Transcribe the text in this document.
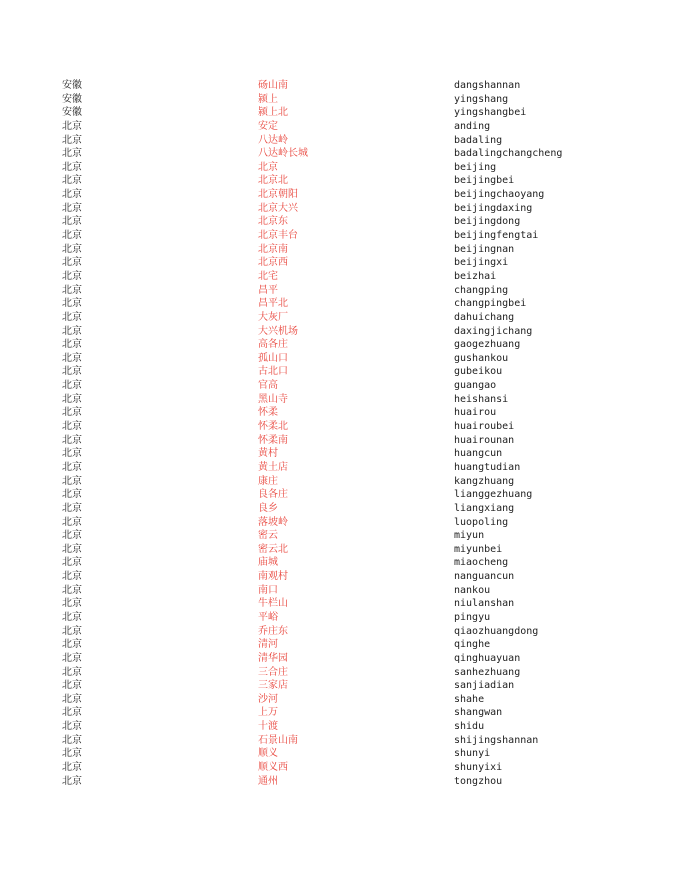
安徽	砀山南	dangshannan
安徽	颍上	yingshang
安徽	颍上北	yingshangbei
北京	安定	anding
北京	八达岭	badaling
北京	八达岭长城	badalingchangcheng
北京	北京	beijing
北京	北京北	beijingbei
北京	北京朝阳	beijingchaoyang
北京	北京大兴	beijingdaxing
北京	北京东	beijingdong
北京	北京丰台	beijingfengtai
北京	北京南	beijingnan
北京	北京西	beijingxi
北京	北宅	beizhai
北京	昌平	changping
北京	昌平北	changpingbei
北京	大灰厂	dahuichang
北京	大兴机场	daxingjichang
北京	高各庄	gaogezhuang
北京	孤山口	gushankou
北京	古北口	gubeikou
北京	官高	guangao
北京	黑山寺	heishansi
北京	怀柔	huairou
北京	怀柔北	huairoubei
北京	怀柔南	huairounan
北京	黄村	huangcun
北京	黄土店	huangtudian
北京	康庄	kangzhuang
北京	良各庄	lianggezhuang
北京	良乡	liangxiang
北京	落坡岭	luopoling
北京	密云	miyun
北京	密云北	miyunbei
北京	庙城	miaocheng
北京	南观村	nanguancun
北京	南口	nankou
北京	牛栏山	niulanshan
北京	平峪	pingyu
北京	乔庄东	qiaozhuangdong
北京	清河	qinghe
北京	清华园	qinghuayuan
北京	三合庄	sanhezhuang
北京	三家店	sanjiadian
北京	沙河	shahe
北京	上万	shangwan
北京	十渡	shidu
北京	石景山南	shijingshannan
北京	顺义	shunyi
北京	顺义西	shunyixi
北京	通州	tongzhou
